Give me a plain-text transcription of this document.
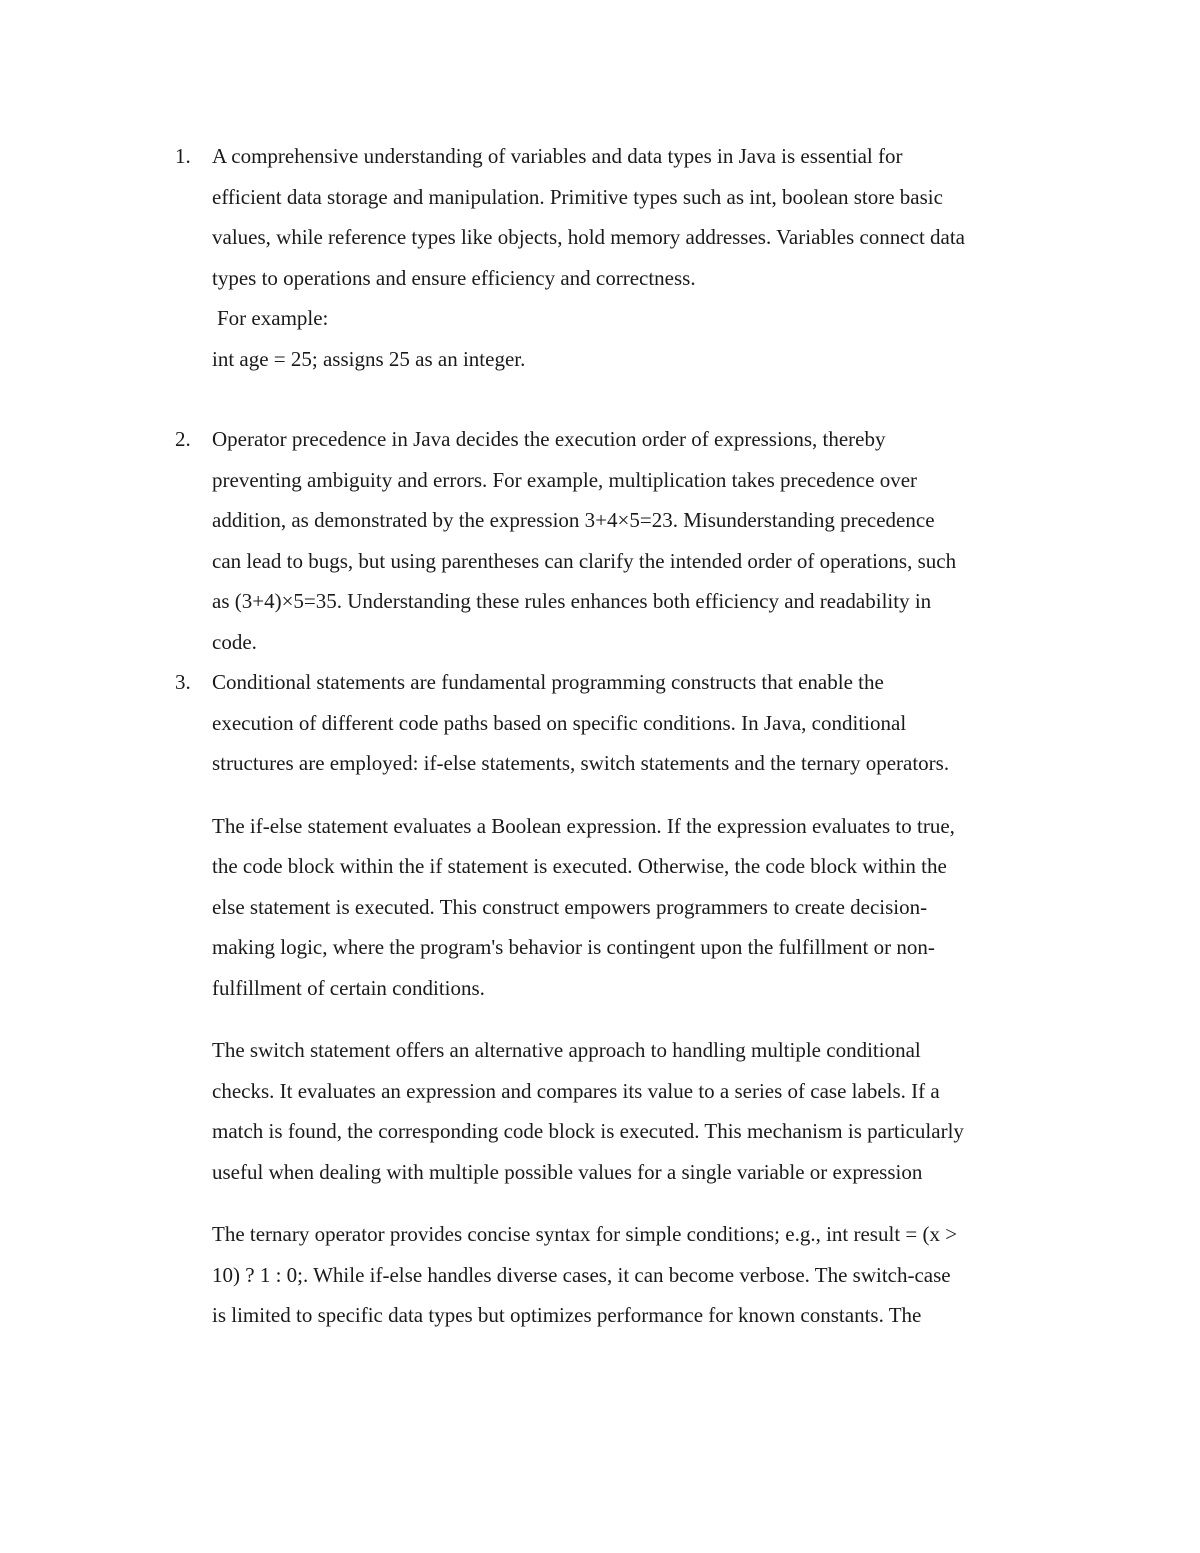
1. A comprehensive understanding of variables and data types in Java is essential for
efficient data storage and manipulation. Primitive types such as int, boolean store basic
values, while reference types like objects, hold memory addresses. Variables connect data
types to operations and ensure efficiency and correctness.
For example:
int age = 25; assigns 25 as an integer.
2. Operator precedence in Java decides the execution order of expressions, thereby
preventing ambiguity and errors. For example, multiplication takes precedence over
addition, as demonstrated by the expression 3+4×5=23. Misunderstanding precedence
can lead to bugs, but using parentheses can clarify the intended order of operations, such
as (3+4)×5=35. Understanding these rules enhances both efficiency and readability in
code.
3. Conditional statements are fundamental programming constructs that enable the
execution of different code paths based on specific conditions. In Java, conditional
structures are employed: if-else statements, switch statements and the ternary operators.
The if-else statement evaluates a Boolean expression. If the expression evaluates to true,
the code block within the if statement is executed. Otherwise, the code block within the
else statement is executed. This construct empowers programmers to create decision-
making logic, where the program's behavior is contingent upon the fulfillment or non-
fulfillment of certain conditions.
The switch statement offers an alternative approach to handling multiple conditional
checks. It evaluates an expression and compares its value to a series of case labels. If a
match is found, the corresponding code block is executed. This mechanism is particularly
useful when dealing with multiple possible values for a single variable or expression
The ternary operator provides concise syntax for simple conditions; e.g., int result = (x >
10) ? 1 : 0;. While if-else handles diverse cases, it can become verbose. The switch-case
is limited to specific data types but optimizes performance for known constants. The
